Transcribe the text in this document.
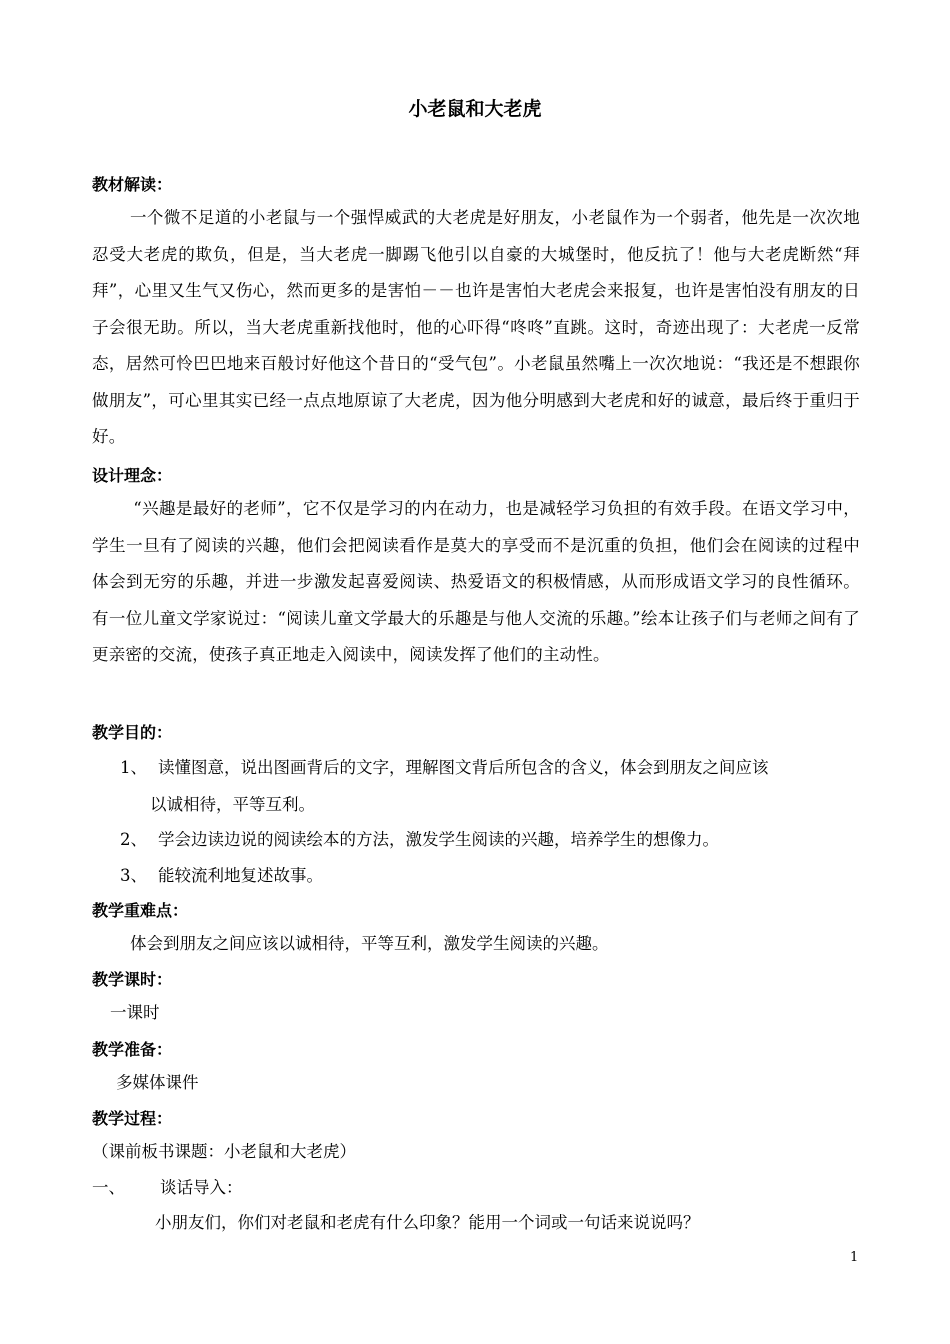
小老鼠和大老虎
教材解读：
一个微不足道的小老鼠与一个强悍威武的大老虎是好朋友，小老鼠作为一个弱者，他先是一次次地忍受大老虎的欺负，但是，当大老虎一脚踢飞他引以自豪的大城堡时，他反抗了！他与大老虎断然“拜拜”，心里又生气又伤心，然而更多的是害怕－－也许是害怕大老虎会来报复，也许是害怕没有朋友的日子会很无助。所以，当大老虎重新找他时，他的心吓得“咚咚”直跳。这时，奇迹出现了：大老虎一反常态，居然可怜巴巴地来百般讨好他这个昔日的“受气包”。小老鼠虽然嘴上一次次地说：“我还是不想跟你做朋友”，可心里其实已经一点点地原谅了大老虎，因为他分明感到大老虎和好的诚意，最后终于重归于好。
设计理念：
“兴趣是最好的老师”，它不仅是学习的内在动力，也是减轻学习负担的有效手段。在语文学习中，学生一旦有了阅读的兴趣，他们会把阅读看作是莫大的享受而不是沉重的负担，他们会在阅读的过程中体会到无穷的乐趣，并进一步激发起喜爱阅读、热爱语文的积极情感，从而形成语文学习的良性循环。有一位儿童文学家说过：“阅读儿童文学最大的乐趣是与他人交流的乐趣。”绘本让孩子们与老师之间有了更亲密的交流，使孩子真正地走入阅读中，阅读发挥了他们的主动性。
教学目的：
1、 读懂图意，说出图画背后的文字，理解图文背后所包含的含义，体会到朋友之间应该
以诚相待，平等互利。
2、 学会边读边说的阅读绘本的方法，激发学生阅读的兴趣，培养学生的想像力。
3、 能较流利地复述故事。
教学重难点：
体会到朋友之间应该以诚相待，平等互利，激发学生阅读的兴趣。
教学课时：
一课时
教学准备：
多媒体课件
教学过程：
（课前板书课题：小老鼠和大老虎）
一、 谈话导入：
小朋友们，你们对老鼠和老虎有什么印象？能用一个词或一句话来说说吗？
1
